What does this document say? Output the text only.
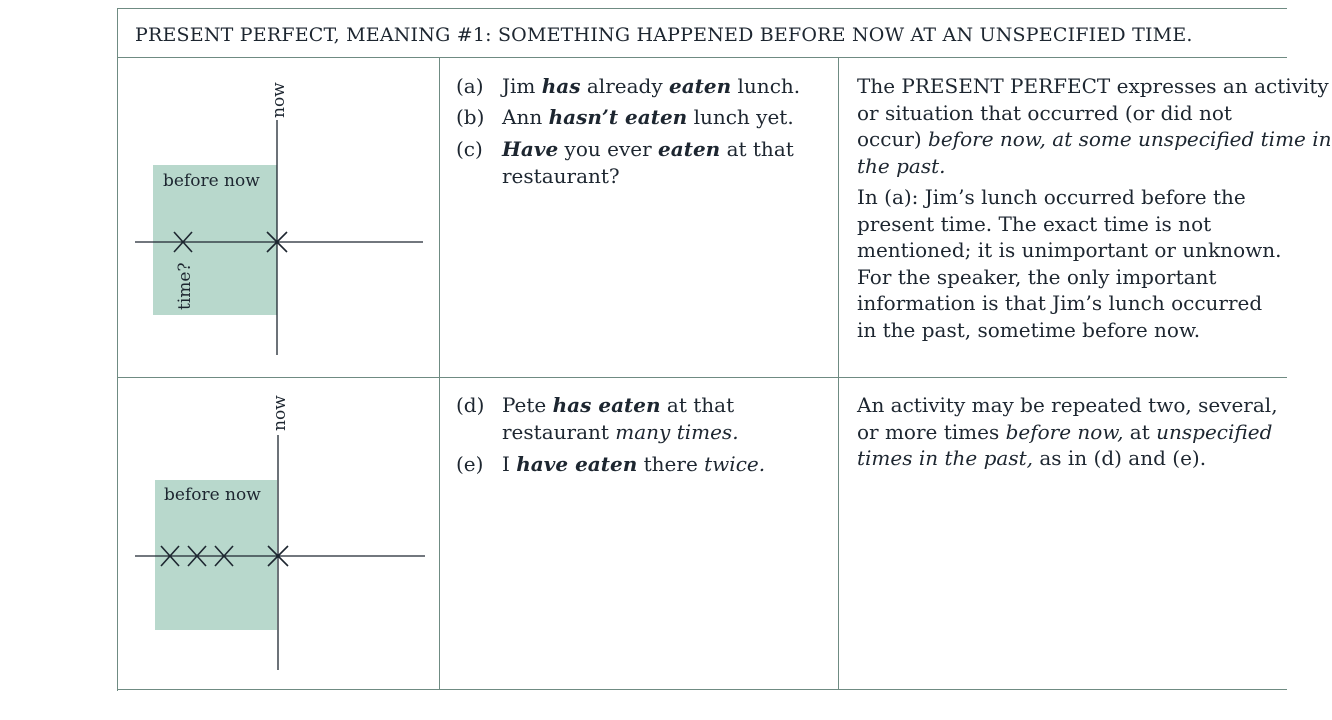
PRESENT PERFECT, MEANING #1: SOMETHING HAPPENED BEFORE NOW AT AN UNSPECIFIED TIME.
before now
now
time?
(a) Jim has already eaten lunch.
(b) Ann hasn’t eaten lunch yet.
(c) Have you ever eaten at that restaurant?
The PRESENT PERFECT expresses an activity
or situation that occurred (or did not
occur) before now, at some unspecified time in
the past.
In (a): Jim’s lunch occurred before the
present time. The exact time is not
mentioned; it is unimportant or unknown.
For the speaker, the only important
information is that Jim’s lunch occurred
in the past, sometime before now.
before now
now	(d) Pete has eaten at that
restaurant many times.
(e) I have eaten there twice.
An activity may be repeated two, several,
or more times before now, at unspecified
times in the past, as in (d) and (e).
